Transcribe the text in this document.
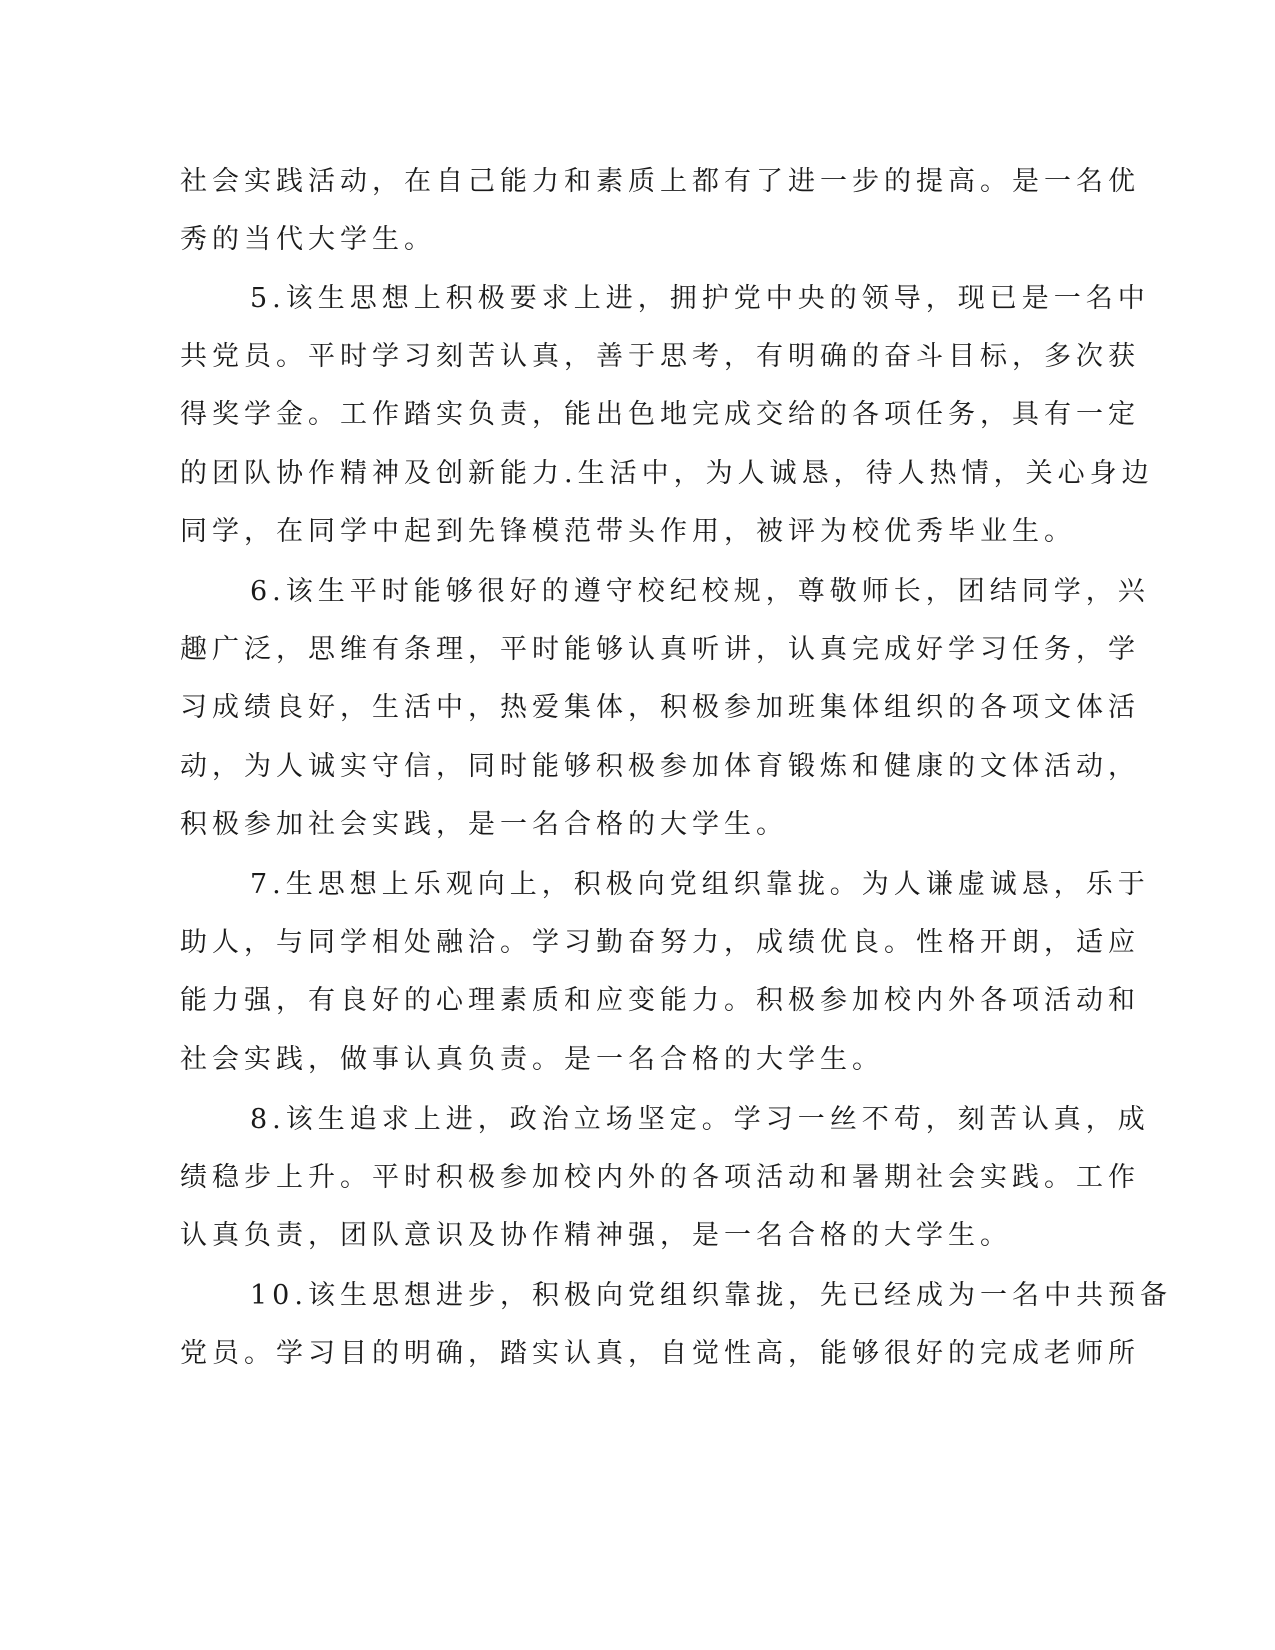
社会实践活动，在自己能力和素质上都有了进一步的提高。是一名优
秀的当代大学生。
5.该生思想上积极要求上进，拥护党中央的领导，现已是一名中
共党员。平时学习刻苦认真，善于思考，有明确的奋斗目标，多次获
得奖学金。工作踏实负责，能出色地完成交给的各项任务，具有一定
的团队协作精神及创新能力.生活中，为人诚恳，待人热情，关心身边
同学，在同学中起到先锋模范带头作用，被评为校优秀毕业生。
6.该生平时能够很好的遵守校纪校规，尊敬师长，团结同学，兴
趣广泛，思维有条理，平时能够认真听讲，认真完成好学习任务，学
习成绩良好，生活中，热爱集体，积极参加班集体组织的各项文体活
动，为人诚实守信，同时能够积极参加体育锻炼和健康的文体活动，
积极参加社会实践，是一名合格的大学生。
7.生思想上乐观向上，积极向党组织靠拢。为人谦虚诚恳，乐于
助人，与同学相处融洽。学习勤奋努力，成绩优良。性格开朗，适应
能力强，有良好的心理素质和应变能力。积极参加校内外各项活动和
社会实践，做事认真负责。是一名合格的大学生。
8.该生追求上进，政治立场坚定。学习一丝不苟，刻苦认真，成
绩稳步上升。平时积极参加校内外的各项活动和暑期社会实践。工作
认真负责，团队意识及协作精神强，是一名合格的大学生。
10.该生思想进步，积极向党组织靠拢，先已经成为一名中共预备
党员。学习目的明确，踏实认真，自觉性高，能够很好的完成老师所
